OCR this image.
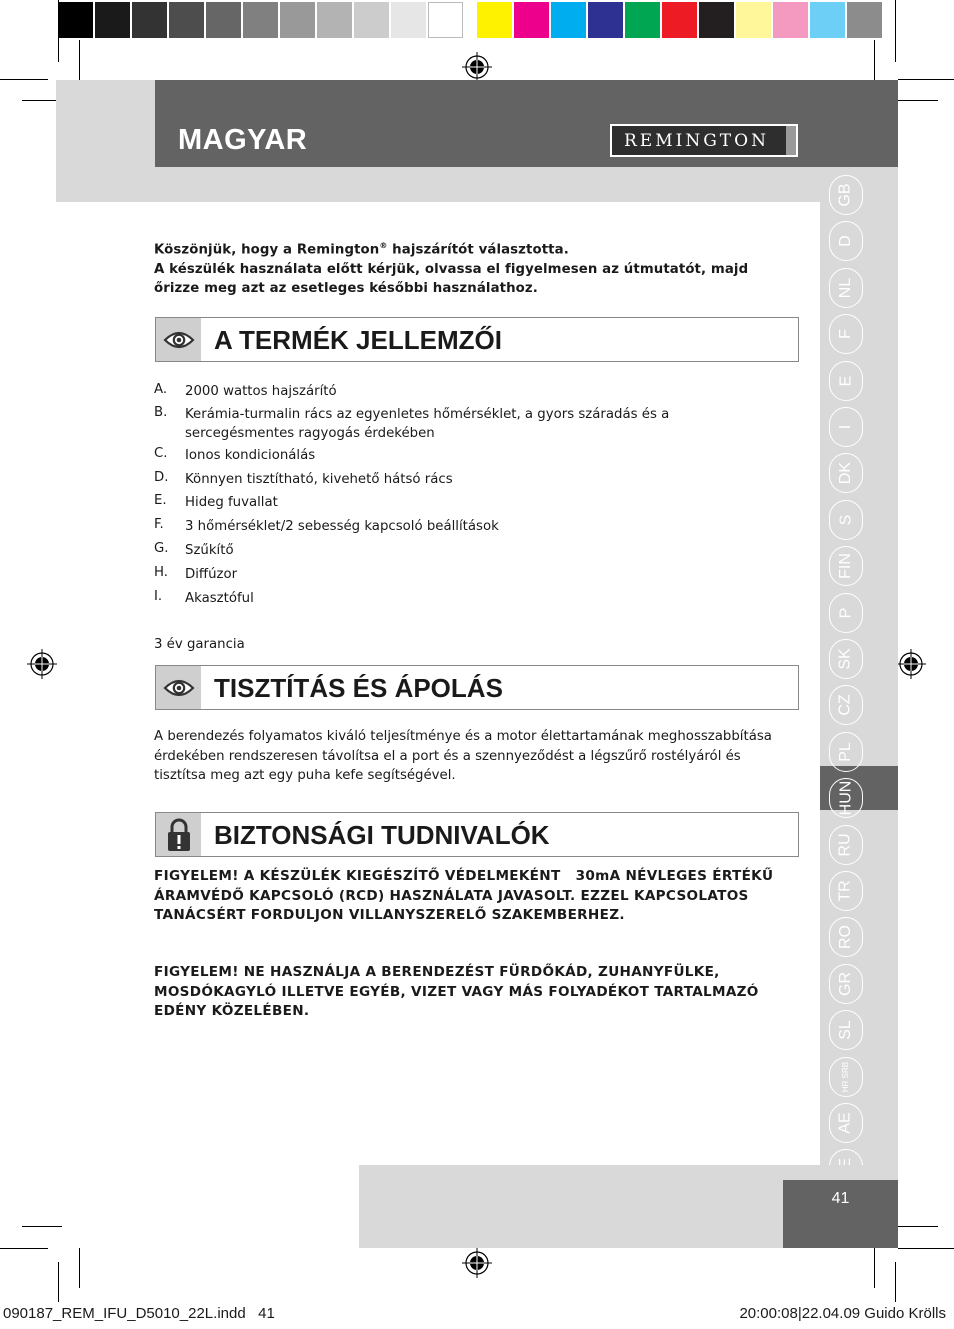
MAGYAR	REMINGTON
GB
D
NL
F
E
I
DK
S
FIN
P
SK
CZ
PL
HUN
RU
TR
RO
GR
SL
HR SRB
AE
41
Köszönjük, hogy a Remington® hajszárítót választotta.
A készülék használata előtt kérjük, olvassa el figyelmesen az útmutatót, majd őrizze meg azt az esetleges későbbi használathoz.
A TERMÉK JELLEMZŐI
A.	2000 wattos hajszárító
B.	Kerámia-turmalin rács az egyenletes hőmérséklet, a gyors száradás és a sercegésmentes ragyogás érdekében
C.	Ionos kondicionálás
D.	Könnyen tisztítható, kivehető hátsó rács
E.	Hideg fuvallat
F.	3 hőmérséklet/2 sebesség kapcsoló beállítások
G.	Szűkítő
H.	Diffúzor
I.	Akasztóful
3 év garancia
TISZTÍTÁS ÉS ÁPOLÁS
A berendezés folyamatos kiváló teljesítménye és a motor élettartamának meghosszabbítása érdekében rendszeresen távolítsa el a port és a szennyeződést a légszűrő rostélyáról és tisztítsa meg azt egy puha kefe segítségével.
BIZTONSÁGI TUDNIVALÓK
FIGYELEM! A KÉSZÜLÉK KIEGÉSZÍTŐ VÉDELMEKÉNT   30mA NÉVLEGES ÉRTÉKŰ ÁRAMVÉDŐ KAPCSOLÓ (RCD) HASZNÁLATA JAVASOLT. EZZEL KAPCSOLATOS TANÁCSÉRT FORDULJON VILLANYSZERELŐ SZAKEMBERHEZ.
FIGYELEM! NE HASZNÁLJA A BERENDEZÉST FÜRDŐKÁD, ZUHANYFÜLKE, MOSDÓKAGYLÓ ILLETVE EGYÉB, VIZET VAGY MÁS FOLYADÉKOT TARTALMAZÓ EDÉNY KÖZELÉBEN.
090187_REM_IFU_D5010_22L.indd   41	20:00:08|22.04.09 Guido Krölls
